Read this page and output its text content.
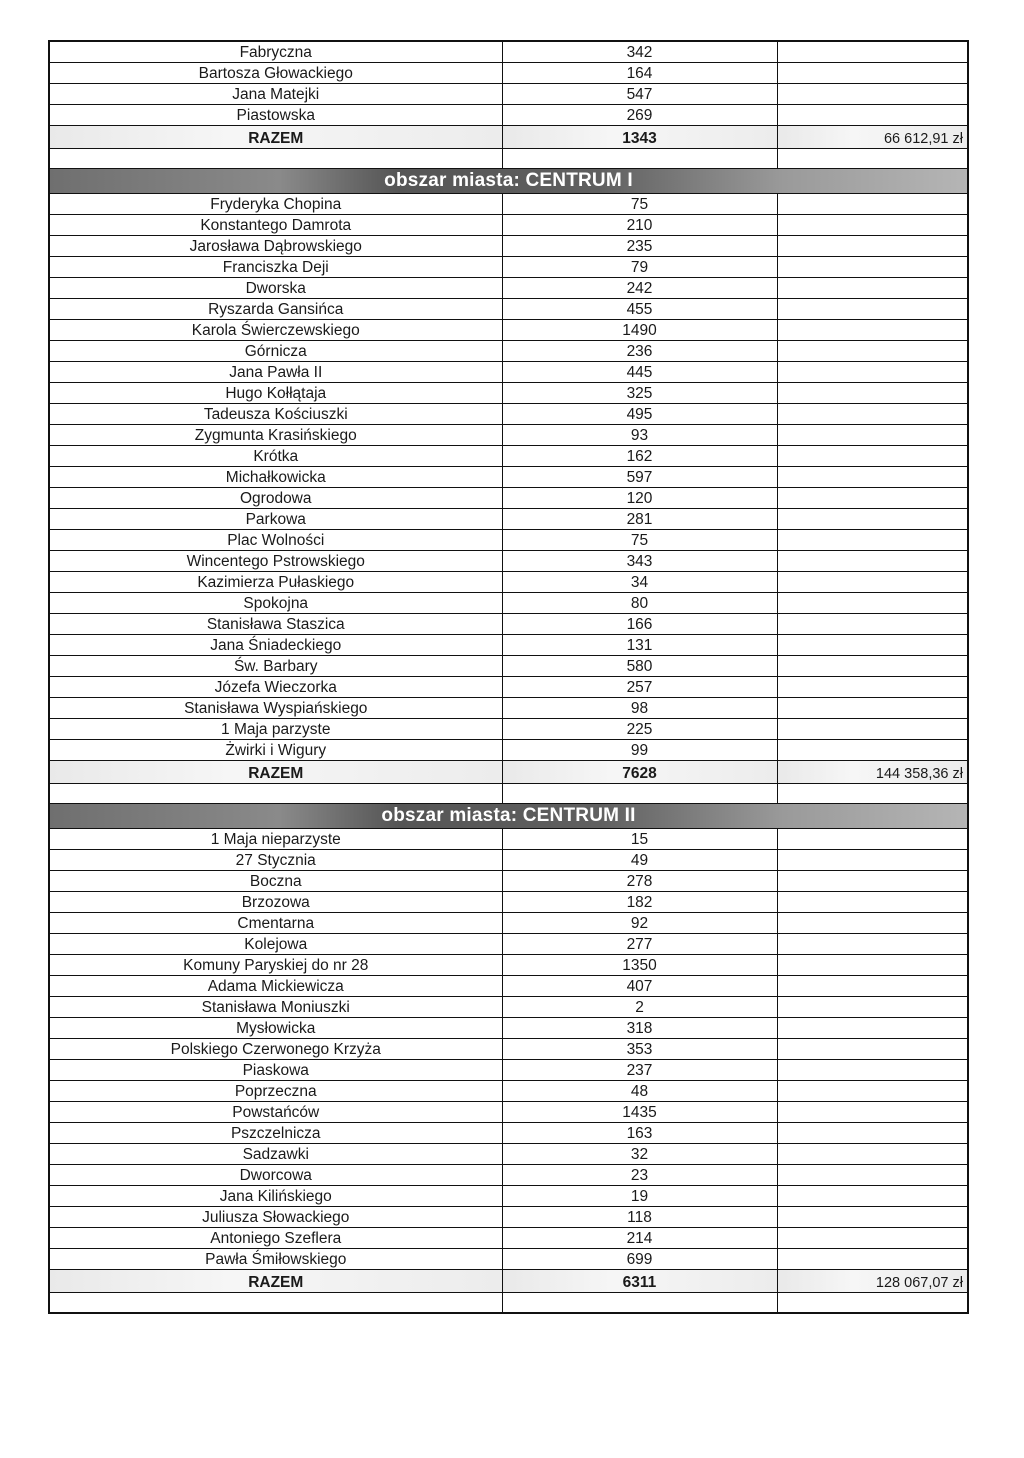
Fabryczna	342	
Bartosza Głowackiego	164	
Jana Matejki	547	
Piastowska	269	
RAZEM	1343	66 612,91 zł

obszar miasta: CENTRUM I		
Fryderyka Chopina	75	
Konstantego Damrota	210	
Jarosława Dąbrowskiego	235	
Franciszka Deji	79	
Dworska	242	
Ryszarda Gansińca	455	
Karola Świerczewskiego	1490	
Górnicza	236	
Jana Pawła II	445	
Hugo Kołłątaja	325	
Tadeusza Kościuszki	495	
Zygmunta Krasińskiego	93	
Krótka	162	
Michałkowicka	597	
Ogrodowa	120	
Parkowa	281	
Plac Wolności	75	
Wincentego Pstrowskiego	343	
Kazimierza Pułaskiego	34	
Spokojna	80	
Stanisława Staszica	166	
Jana Śniadeckiego	131	
Św. Barbary	580	
Józefa Wieczorka	257	
Stanisława Wyspiańskiego	98	
1 Maja parzyste	225	
Żwirki i Wigury	99	
RAZEM	7628	144 358,36 zł

obszar miasta: CENTRUM II		
1 Maja nieparzyste	15	
27 Stycznia	49	
Boczna	278	
Brzozowa	182	
Cmentarna	92	
Kolejowa	277	
Komuny Paryskiej do nr 28	1350	
Adama Mickiewicza	407	
Stanisława Moniuszki	2	
Mysłowicka	318	
Polskiego Czerwonego Krzyża	353	
Piaskowa	237	
Poprzeczna	48	
Powstańców	1435	
Pszczelnicza	163	
Sadzawki	32	
Dworcowa	23	
Jana Kilińskiego	19	
Juliusza Słowackiego	118	
Antoniego Szeflera	214	
Pawła Śmiłowskiego	699	
RAZEM	6311	128 067,07 zł
